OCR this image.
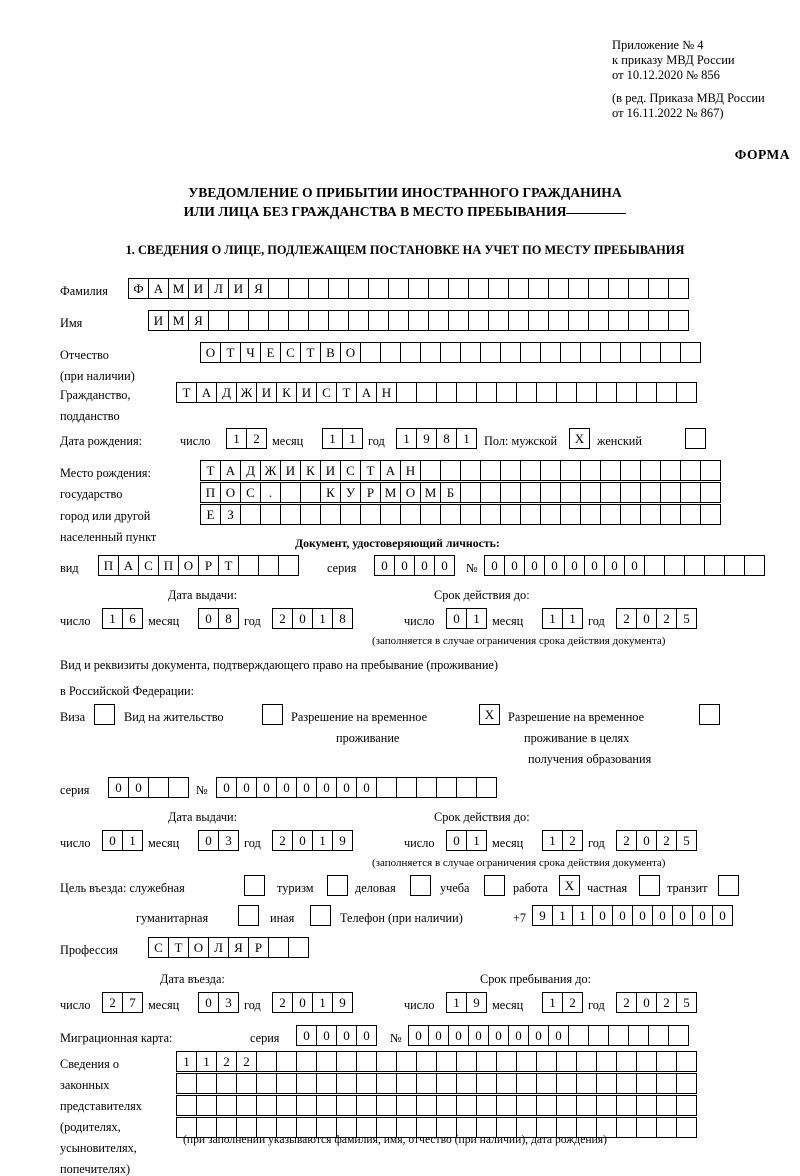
Приложение № 4
к приказу МВД России
от 10.12.2020 № 856
(в ред. Приказа МВД России
от 16.11.2022 № 867)
ФОРМА
УВЕДОМЛЕНИЕ О ПРИБЫТИИ ИНОСТРАННОГО ГРАЖДАНИНА
ИЛИ ЛИЦА БЕЗ ГРАЖДАНСТВА В МЕСТО ПРЕБЫВАНИЯ
1. СВЕДЕНИЯ О ЛИЦЕ, ПОДЛЕЖАЩЕМ ПОСТАНОВКЕ НА УЧЕТ ПО МЕСТУ ПРЕБЫВАНИЯ
Фамилия	Ф А М И Л И Я
Имя	И М Я
Отчество
(при наличии)
О Т Ч Е С Т В О
Гражданство,
подданство
Т А Д Ж И К И С Т А Н
Дата рождения:	число	1	2 месяц	1	1 год	1	9	8	1	Пол: мужской	X	женский
Место рождения:
государство
Т А Д Ж И К И С Т А Н
город или другой
населенный пункт
П О С	.	К У Р М О М Б
Е З
Документ, удостоверяющий личность:
вид	П А С П О Р Т	серия	0	0	0	0	№	0	0	0	0	0	0	0	0
Дата выдачи:	Срок действия до:
число	1	6 месяц	0	8 год	2	0	1	8	число	0	1 месяц	1	1 год	2	0	2	5
(заполняется в случае ограничения срока действия документа)
Вид и реквизиты документа, подтверждающего право на пребывание (проживание)
в Российской Федерации:
Виза	Вид на жительство	Разрешение на временное
проживание
X	Разрешение на временное
проживание в целях
получения образования
серия	0	0	№	0	0	0	0	0	0	0	0
Дата выдачи:	Срок действия до:
число	0	1 месяц	0	3 год	2	0	1	9	число	0	1 месяц	1	2 год	2	0	2	5
(заполняется в случае ограничения срока действия документа)
Цель въезда: служебная	туризм	деловая	учеба	работа	X	частная	транзит
гуманитарная	иная	Телефон (при наличии)	+7	9	1	1	0	0	0	0	0	0	0
Профессия	С Т О Л Я Р
Дата въезда:	Срок пребывания до:
число	2	7 месяц	0	3 год	2	0	1	9	число	1	9 месяц	1	2 год	2	0	2	5
Миграционная карта:	серия	0	0	0	0	№	0	0	0	0	0	0	0	0
Сведения о
законных
представителях
(родителях,
усыновителях,
попечителях)
1	1	2	2
(при заполнении указываются фамилия, имя, отчество (при наличии), дата рождения)
